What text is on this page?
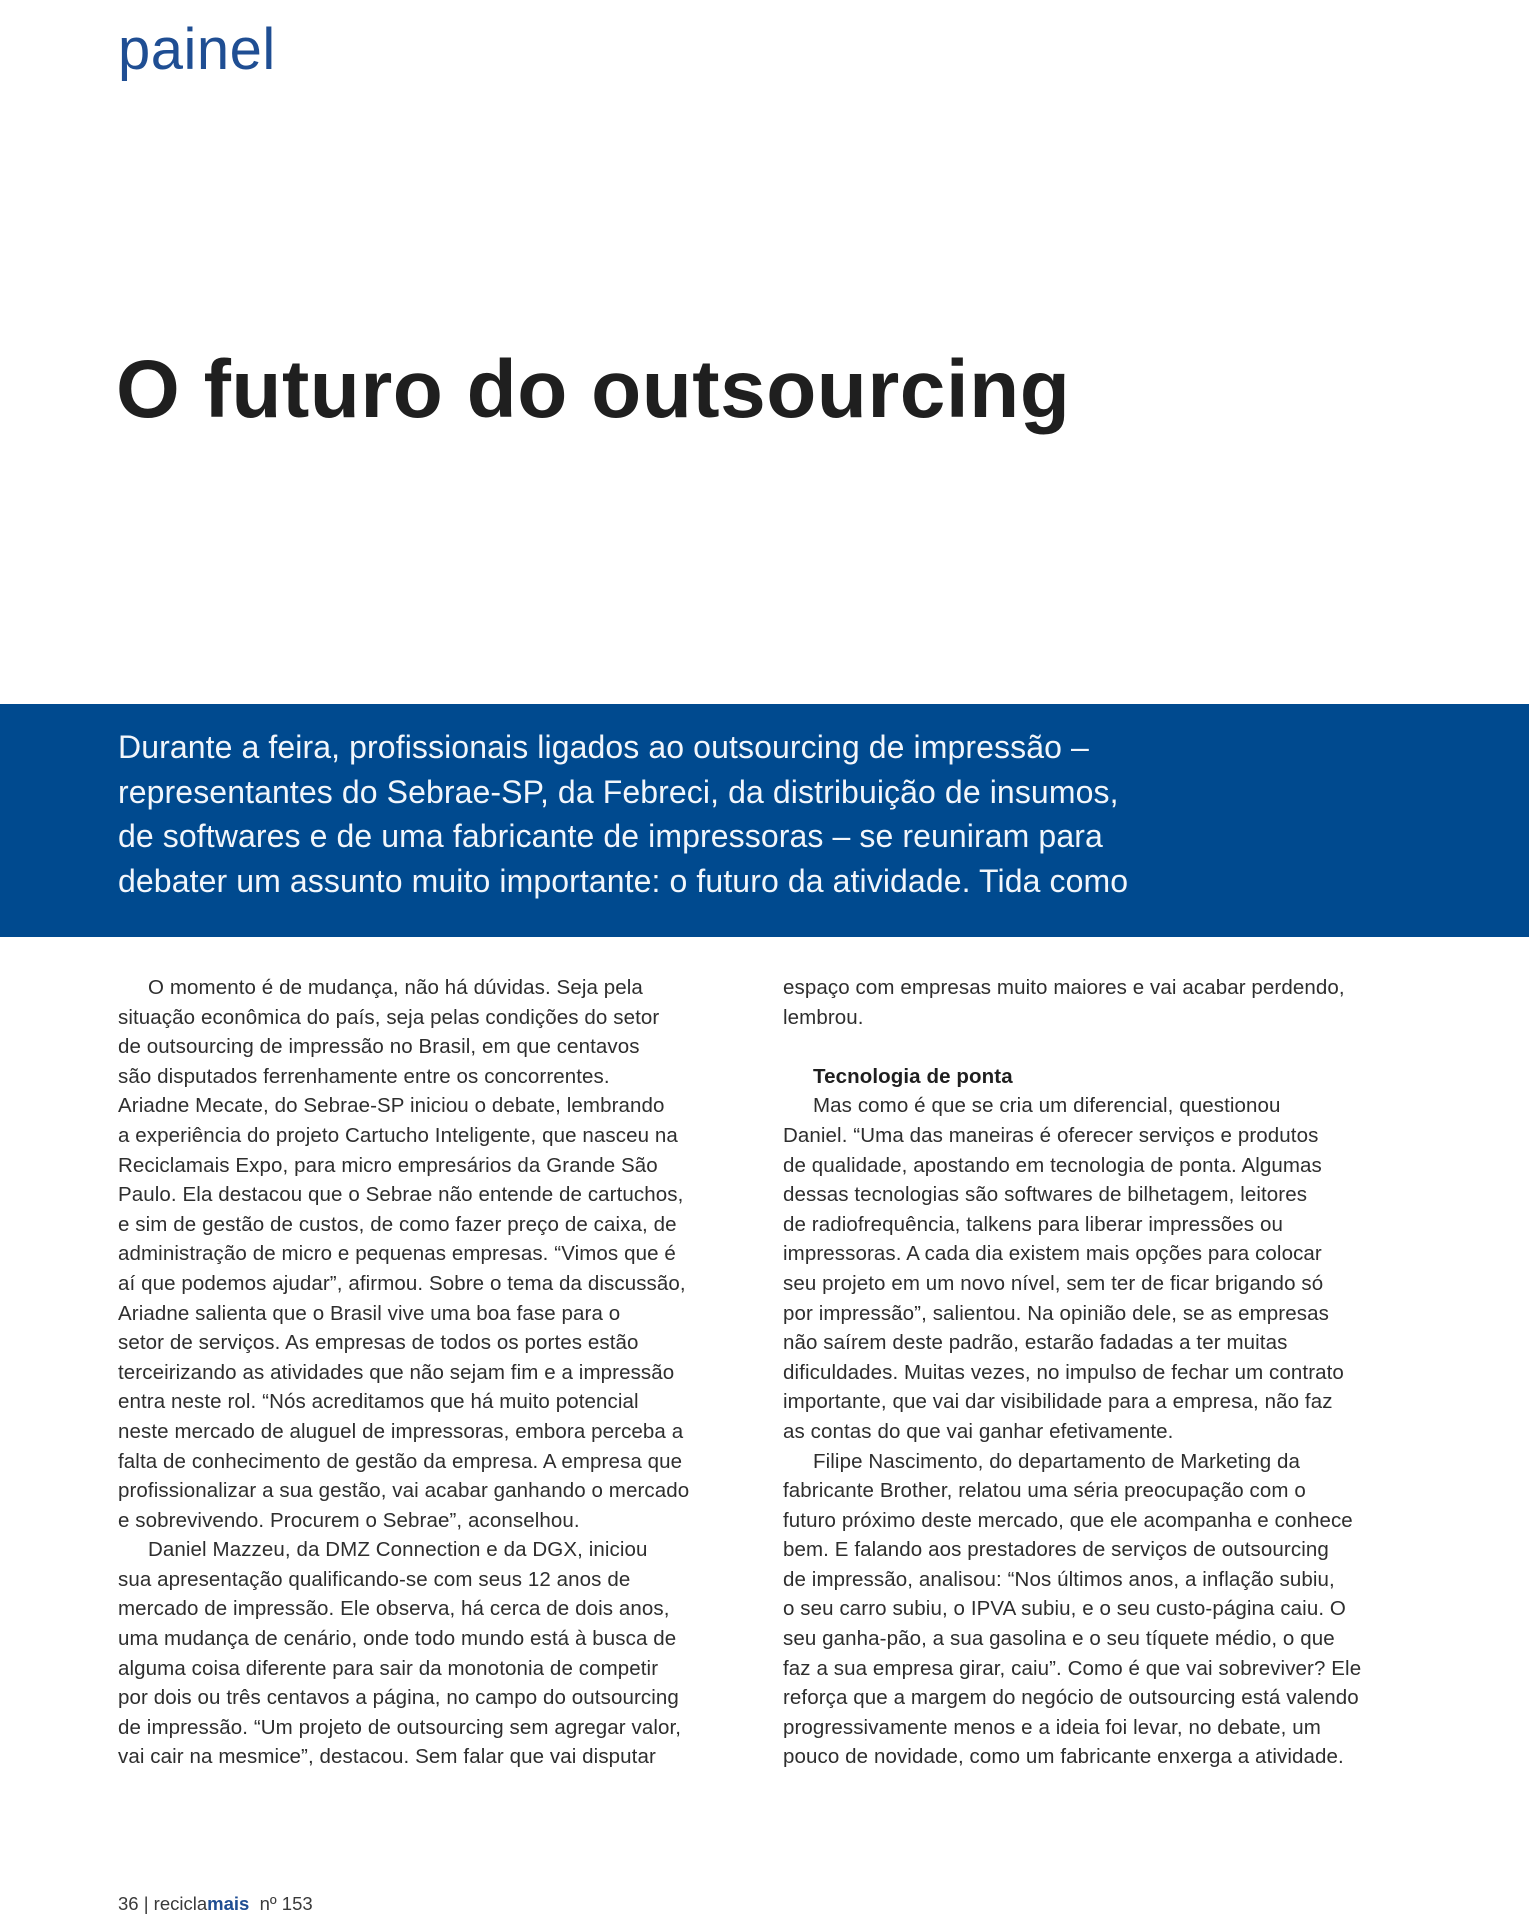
painel
O futuro do outsourcing
Durante a feira, profissionais ligados ao outsourcing de impressão –
representantes do Sebrae-SP, da Febreci, da distribuição de insumos,
de softwares e de uma fabricante de impressoras – se reuniram para
debater um assunto muito importante: o futuro da atividade. Tida como
O momento é de mudança, não há dúvidas. Seja pela
situação econômica do país, seja pelas condições do setor
de outsourcing de impressão no Brasil, em que centavos
são disputados ferrenhamente entre os concorrentes.
Ariadne Mecate, do Sebrae-SP iniciou o debate, lembrando
a experiência do projeto Cartucho Inteligente, que nasceu na
Reciclamais Expo, para micro empresários da Grande São
Paulo. Ela destacou que o Sebrae não entende de cartuchos,
e sim de gestão de custos, de como fazer preço de caixa, de
administração de micro e pequenas empresas. “Vimos que é
aí que podemos ajudar”, afirmou. Sobre o tema da discussão,
Ariadne salienta que o Brasil vive uma boa fase para o
setor de serviços. As empresas de todos os portes estão
terceirizando as atividades que não sejam fim e a impressão
entra neste rol. “Nós acreditamos que há muito potencial
neste mercado de aluguel de impressoras, embora perceba a
falta de conhecimento de gestão da empresa. A empresa que
profissionalizar a sua gestão, vai acabar ganhando o mercado
e sobrevivendo. Procurem o Sebrae”, aconselhou.
Daniel Mazzeu, da DMZ Connection e da DGX, iniciou
sua apresentação qualificando-se com seus 12 anos de
mercado de impressão. Ele observa, há cerca de dois anos,
uma mudança de cenário, onde todo mundo está à busca de
alguma coisa diferente para sair da monotonia de competir
por dois ou três centavos a página, no campo do outsourcing
de impressão. “Um projeto de outsourcing sem agregar valor,
vai cair na mesmice”, destacou. Sem falar que vai disputar
espaço com empresas muito maiores e vai acabar perdendo,
lembrou.
Tecnologia de ponta
Mas como é que se cria um diferencial, questionou
Daniel. “Uma das maneiras é oferecer serviços e produtos
de qualidade, apostando em tecnologia de ponta. Algumas
dessas tecnologias são softwares de bilhetagem, leitores
de radiofrequência, talkens para liberar impressões ou
impressoras. A cada dia existem mais opções para colocar
seu projeto em um novo nível, sem ter de ficar brigando só
por impressão”, salientou. Na opinião dele, se as empresas
não saírem deste padrão, estarão fadadas a ter muitas
dificuldades. Muitas vezes, no impulso de fechar um contrato
importante, que vai dar visibilidade para a empresa, não faz
as contas do que vai ganhar efetivamente.
Filipe Nascimento, do departamento de Marketing da
fabricante Brother, relatou uma séria preocupação com o
futuro próximo deste mercado, que ele acompanha e conhece
bem. E falando aos prestadores de serviços de outsourcing
de impressão, analisou: “Nos últimos anos, a inflação subiu,
o seu carro subiu, o IPVA subiu, e o seu custo-página caiu. O
seu ganha-pão, a sua gasolina e o seu tíquete médio, o que
faz a sua empresa girar, caiu”. Como é que vai sobreviver? Ele
reforça que a margem do negócio de outsourcing está valendo
progressivamente menos e a ideia foi levar, no debate, um
pouco de novidade, como um fabricante enxerga a atividade.
36 | reciclamais  nº 153
